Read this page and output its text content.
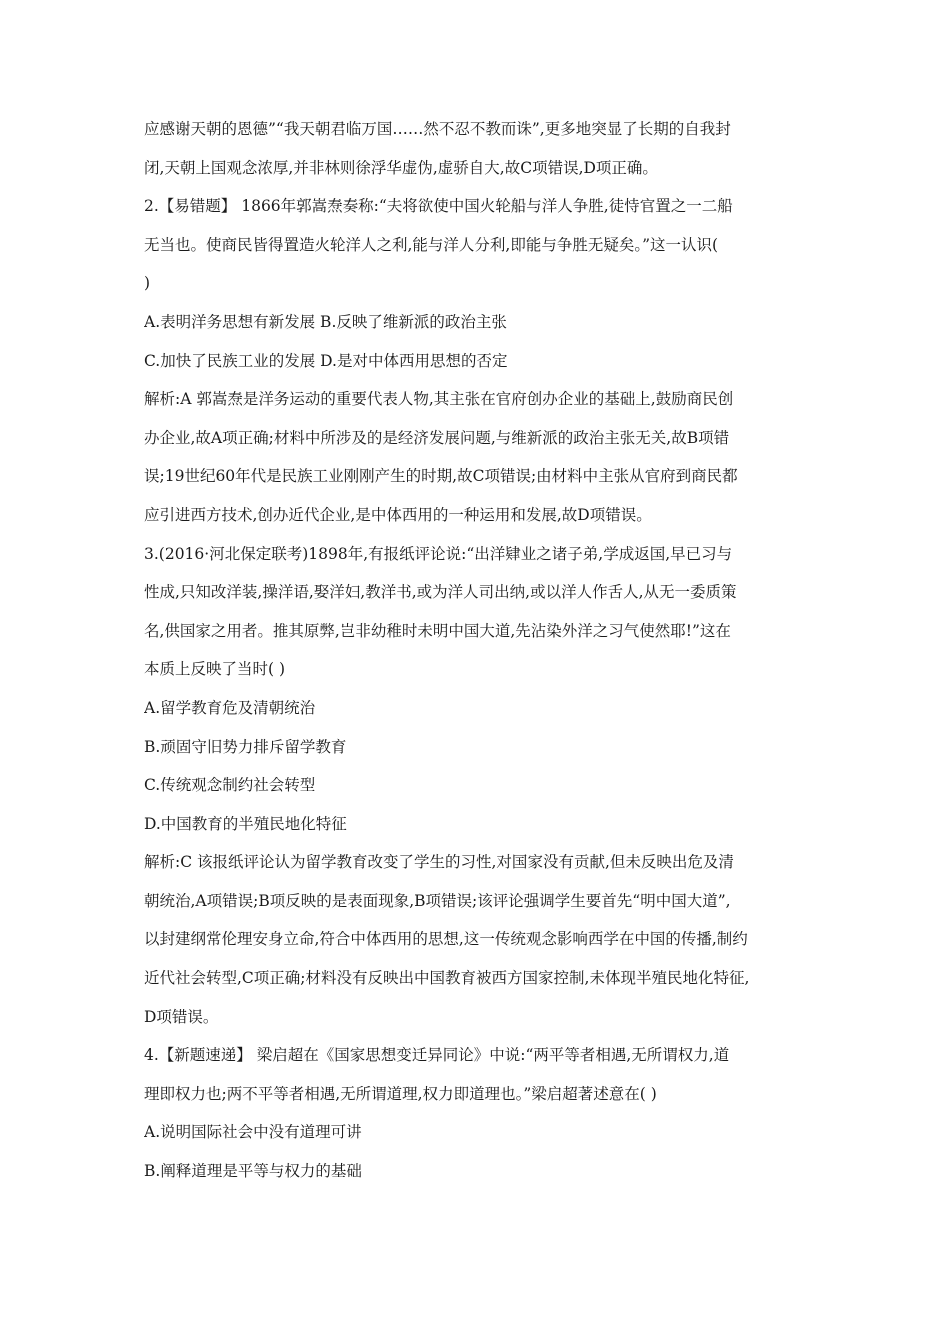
应感谢天朝的恩德”“我天朝君临万国……然不忍不教而诛”,更多地突显了长期的自我封
闭,天朝上国观念浓厚,并非林则徐浮华虚伪,虚骄自大,故C项错误,D项正确。
2.【易错题】 1866年郭嵩焘奏称:“夫将欲使中国火轮船与洋人争胜,徒恃官置之一二船
无当也。使商民皆得置造火轮洋人之利,能与洋人分利,即能与争胜无疑矣。”这一认识(
)
A.表明洋务思想有新发展 B.反映了维新派的政治主张
C.加快了民族工业的发展 D.是对中体西用思想的否定
解析:A 郭嵩焘是洋务运动的重要代表人物,其主张在官府创办企业的基础上,鼓励商民创
办企业,故A项正确;材料中所涉及的是经济发展问题,与维新派的政治主张无关,故B项错
误;19世纪60年代是民族工业刚刚产生的时期,故C项错误;由材料中主张从官府到商民都
应引进西方技术,创办近代企业,是中体西用的一种运用和发展,故D项错误。
3.(2016·河北保定联考)1898年,有报纸评论说:“出洋肄业之诸子弟,学成返国,早已习与
性成,只知改洋装,操洋语,娶洋妇,教洋书,或为洋人司出纳,或以洋人作舌人,从无一委质策
名,供国家之用者。推其原弊,岂非幼稚时未明中国大道,先沾染外洋之习气使然耶!”这在
本质上反映了当时( )
A.留学教育危及清朝统治
B.顽固守旧势力排斥留学教育
C.传统观念制约社会转型
D.中国教育的半殖民地化特征
解析:C 该报纸评论认为留学教育改变了学生的习性,对国家没有贡献,但未反映出危及清
朝统治,A项错误;B项反映的是表面现象,B项错误;该评论强调学生要首先“明中国大道”,
以封建纲常伦理安身立命,符合中体西用的思想,这一传统观念影响西学在中国的传播,制约
近代社会转型,C项正确;材料没有反映出中国教育被西方国家控制,未体现半殖民地化特征,
D项错误。
4.【新题速递】 梁启超在《国家思想变迁异同论》中说:“两平等者相遇,无所谓权力,道
理即权力也;两不平等者相遇,无所谓道理,权力即道理也。”梁启超著述意在( )
A.说明国际社会中没有道理可讲
B.阐释道理是平等与权力的基础
